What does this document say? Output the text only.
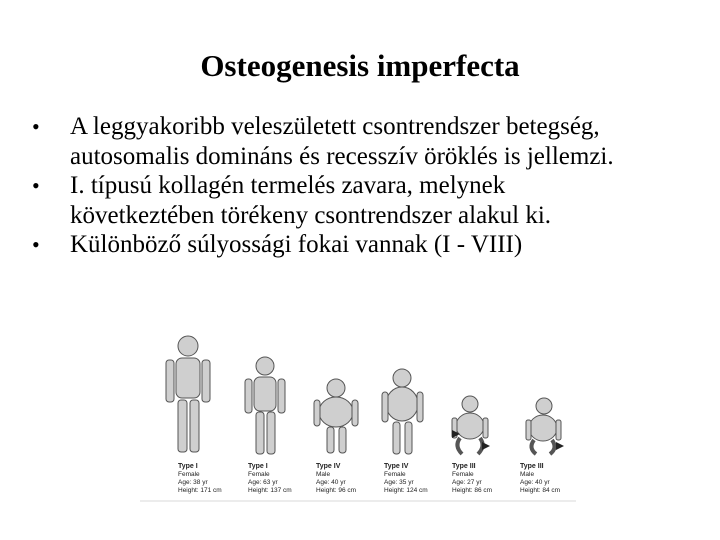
Osteogenesis imperfecta
• A leggyakoribb veleszületett csontrendszer betegség,
autosomalis domináns és recesszív öröklés is jellemzi.
• I. típusú kollagén termelés zavara, melynek
következtében törékeny csontrendszer alakul ki.
• Különböző súlyossági fokai vannak (I - VIII)
Type I
Female
Age: 38 yr
Height: 171 cm
Type I
Female
Age: 63 yr
Height: 137 cm
Type IV
Male
Age: 40 yr
Height: 96 cm
Type IV
Female
Age: 35 yr
Height: 124 cm
Type III
Female
Age: 27 yr
Height: 86 cm
Type III
Male
Age: 40 yr
Height: 84 cm
